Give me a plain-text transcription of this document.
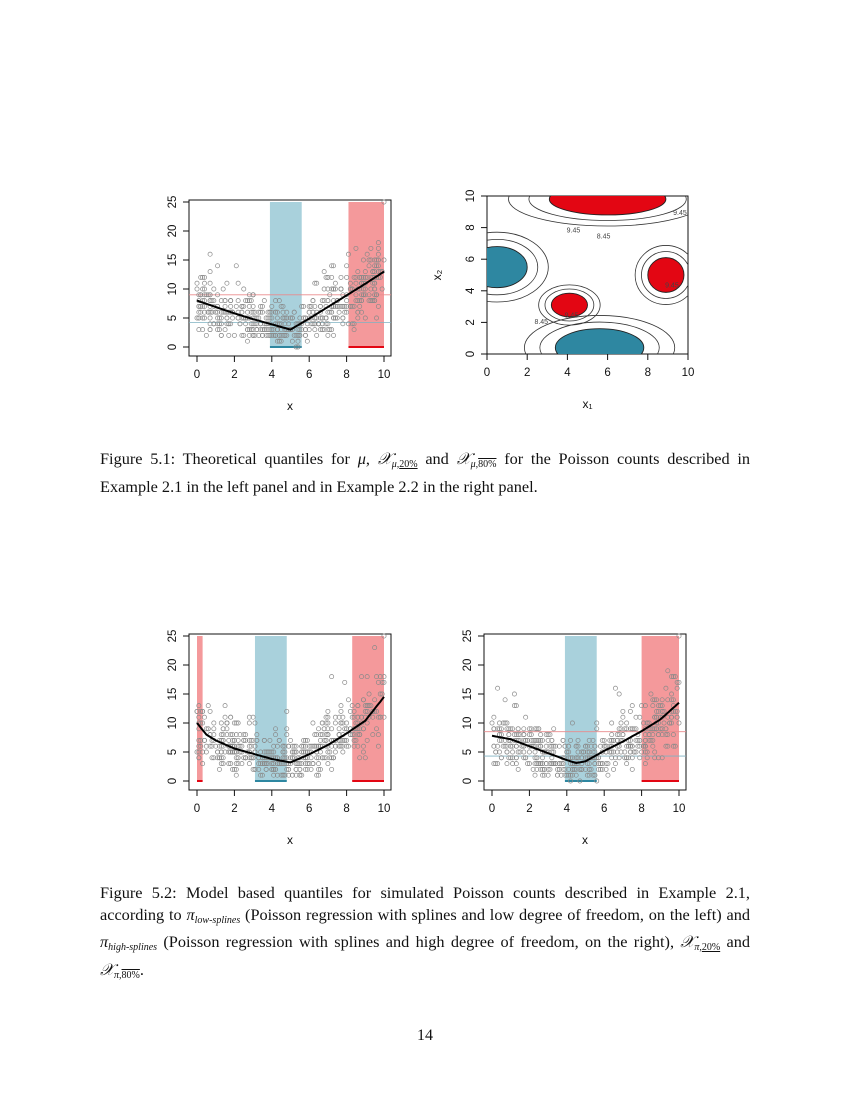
0	2	4	6	8 10
0
5
10
15
20
25
x
0	2	4	6	8	10
0
2
4
6
8
10
x₁
x₂
9.45
8.45
9.45
9.45
8.45
9.45
Figure 5.1: Theoretical quantiles for μ, 𝒳$_{\mu,20\%}$ and 𝒳$_{\mu,80\%}$ for the Poisson counts described in Example 2.1 in the left panel and in Example 2.2 in the right panel.
0	2	4	6	8 10
0
5
10
15
20
25
x
0	2	4	6	8 10
0
5
10
15
20
25
x
Figure 5.2: Model based quantiles for simulated Poisson counts described in Example 2.1, according to $\pi_{low-splines}$ (Poisson regression with splines and low degree of freedom, on the left) and $\pi_{high-splines}$ (Poisson regression with splines and high degree of freedom, on the right), 𝒳$_{\pi,20\%}$ and 𝒳$_{\pi,80\%}$.
14
